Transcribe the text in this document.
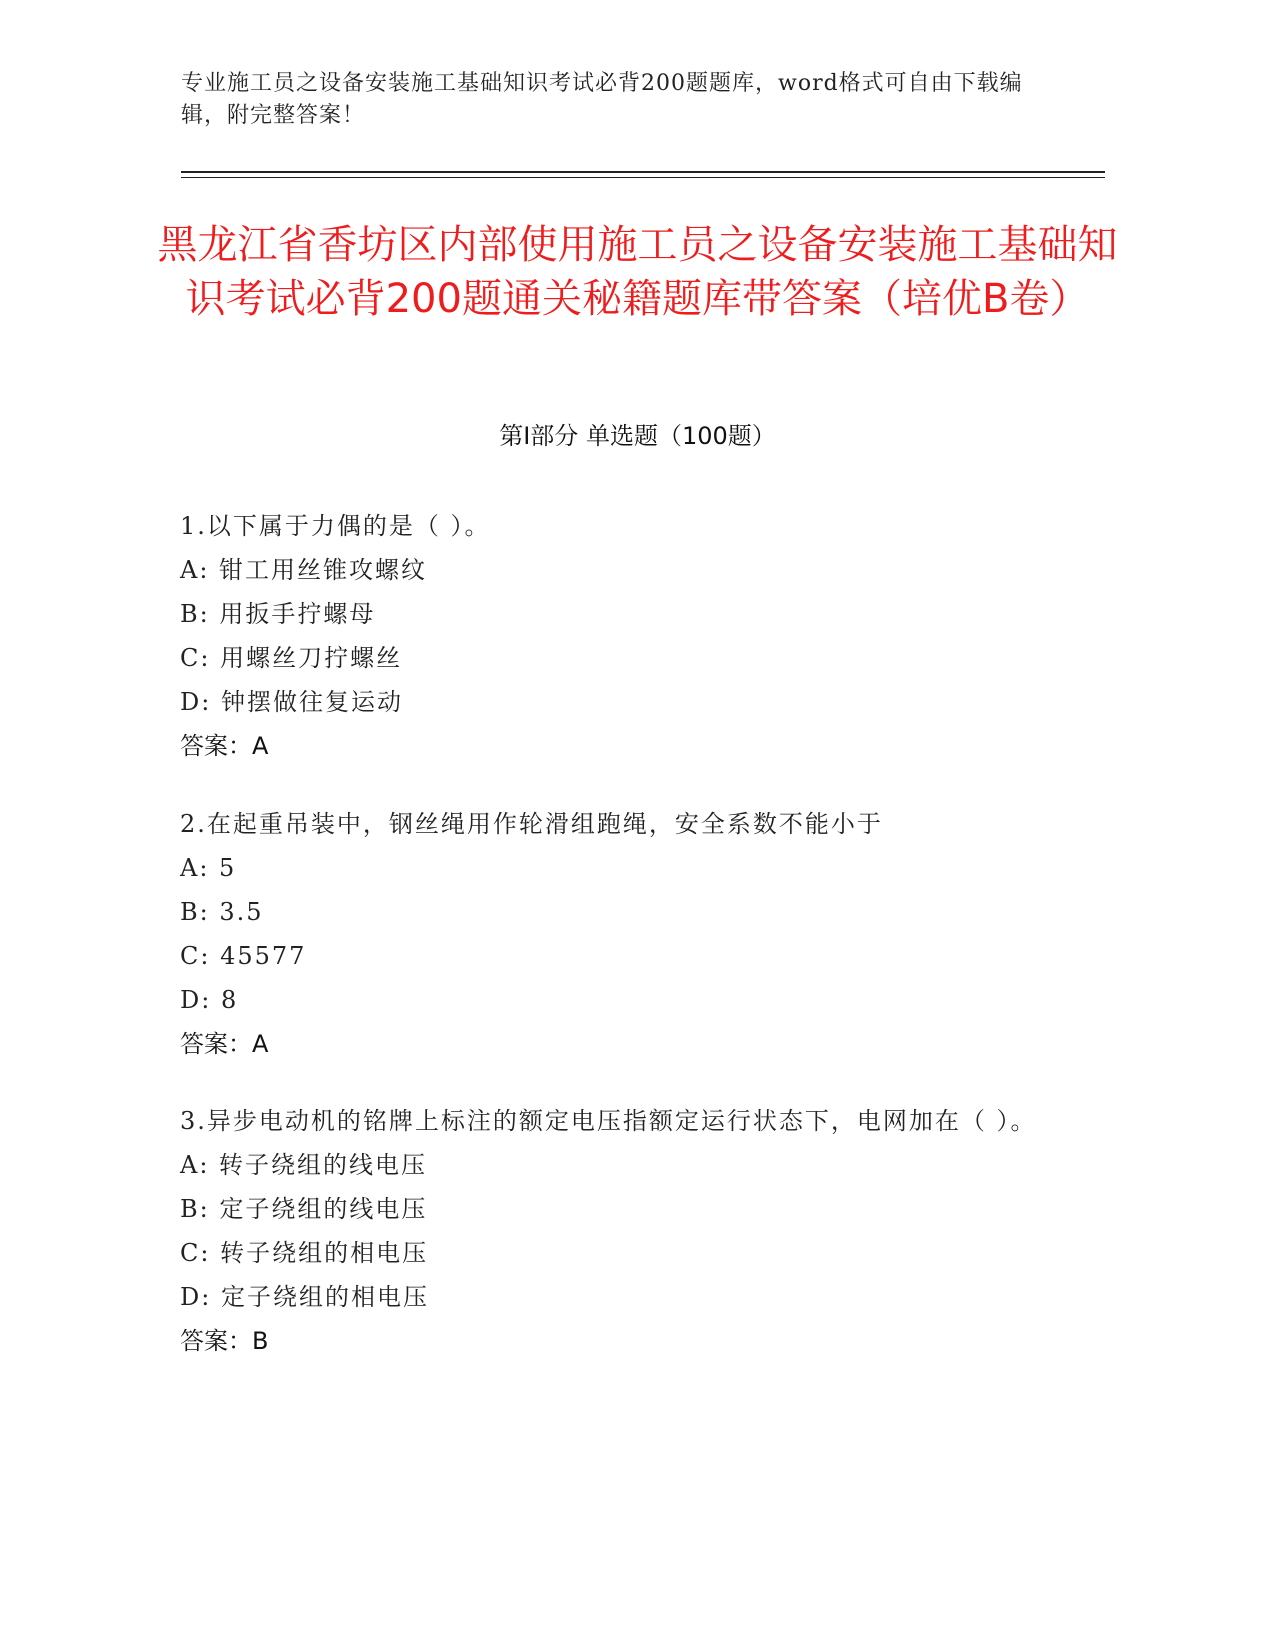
专业施工员之设备安装施工基础知识考试必背200题题库，word格式可自由下载编辑，附完整答案！
黑龙江省香坊区内部使用施工员之设备安装施工基础知识考试必背200题通关秘籍题库带答案（培优B卷）
第Ⅰ部分 单选题（100题）
1.以下属于力偶的是（ ）。
A: 钳工用丝锥攻螺纹
B: 用扳手拧螺母
C: 用螺丝刀拧螺丝
D: 钟摆做往复运动
答案：A
2.在起重吊装中，钢丝绳用作轮滑组跑绳，安全系数不能小于
A: 5
B: 3.5
C: 45577
D: 8
答案：A
3.异步电动机的铭牌上标注的额定电压指额定运行状态下，电网加在（ ）。
A: 转子绕组的线电压
B: 定子绕组的线电压
C: 转子绕组的相电压
D: 定子绕组的相电压
答案：B
